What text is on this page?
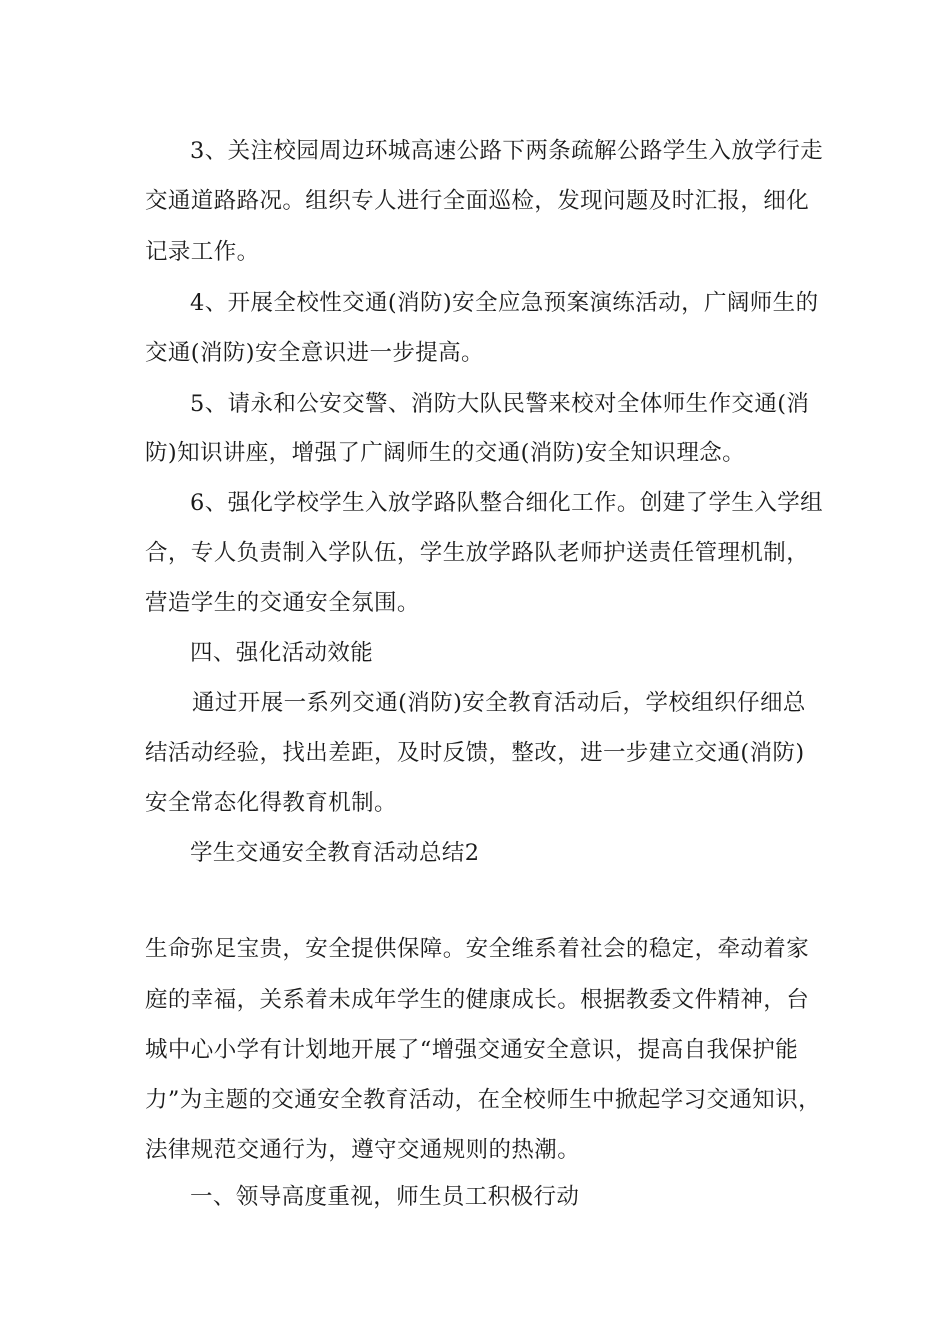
3、关注校园周边环城高速公路下两条疏解公路学生入放学行走
交通道路路况。组织专人进行全面巡检，发现问题及时汇报，细化
记录工作。
4、开展全校性交通(消防)安全应急预案演练活动，广阔师生的
交通(消防)安全意识进一步提高。
5、请永和公安交警、消防大队民警来校对全体师生作交通(消
防)知识讲座，增强了广阔师生的交通(消防)安全知识理念。
6、强化学校学生入放学路队整合细化工作。创建了学生入学组
合，专人负责制入学队伍，学生放学路队老师护送责任管理机制，
营造学生的交通安全氛围。
四、强化活动效能
通过开展一系列交通(消防)安全教育活动后，学校组织仔细总
结活动经验，找出差距，及时反馈，整改，进一步建立交通(消防)
安全常态化得教育机制。
学生交通安全教育活动总结2
生命弥足宝贵，安全提供保障。安全维系着社会的稳定，牵动着家
庭的幸福，关系着未成年学生的健康成长。根据教委文件精神，台
城中心小学有计划地开展了“增强交通安全意识，提高自我保护能
力”为主题的交通安全教育活动，在全校师生中掀起学习交通知识，
法律规范交通行为，遵守交通规则的热潮。
一、领导高度重视，师生员工积极行动
